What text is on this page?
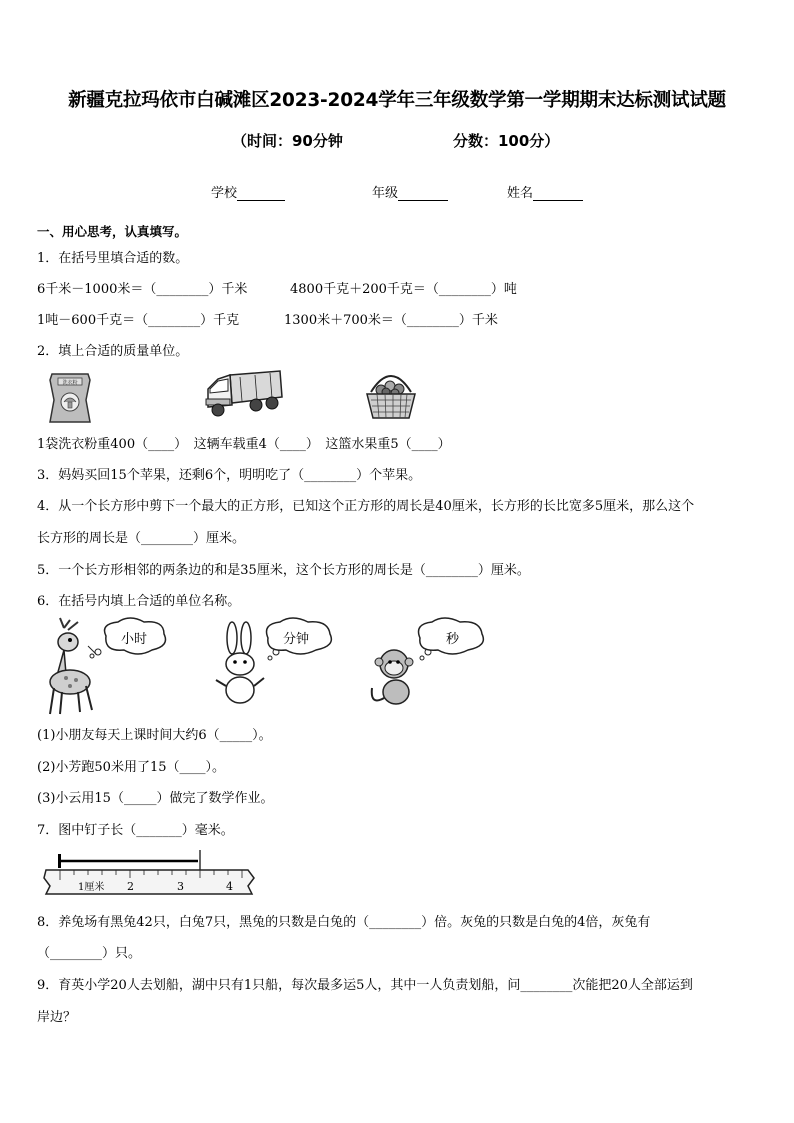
新疆克拉玛依市白碱滩区2023-2024学年三年级数学第一学期期末达标测试试题
（时间：90分钟	分数：100分）
学校	年级	姓名
一、用心思考，认真填写。
1．在括号里填合适的数。
6千米－1000米＝（________）千米	4800千克＋200千克＝（________）吨
1吨－600千克＝（________）千克	1300米＋700米＝（________）千米
2．填上合适的质量单位。
洗衣粉
1袋洗衣粉重400（____）　这辆车载重4（____）　这篮水果重5（____）
3．妈妈买回15个苹果，还剩6个，明明吃了（________）个苹果。
4．从一个长方形中剪下一个最大的正方形，已知这个正方形的周长是40厘米，长方形的长比宽多5厘米，那么这个
长方形的周长是（________）厘米。
5．一个长方形相邻的两条边的和是35厘米，这个长方形的周长是（________）厘米。
6．在括号内填上合适的单位名称。
小时	分钟	秒
(1)小朋友每天上课时间大约6（_____）。
(2)小芳跑50米用了15（____）。
(3)小云用15（_____）做完了数学作业。
7．图中钉子长（_______）毫米。
1厘米 2	3	4
8．养兔场有黑兔42只，白兔7只，黑兔的只数是白兔的（________）倍。灰兔的只数是白兔的4倍，灰兔有
（________）只。
9．育英小学20人去划船，湖中只有1只船，每次最多运5人，其中一人负责划船，问________次能把20人全部运到
岸边？
